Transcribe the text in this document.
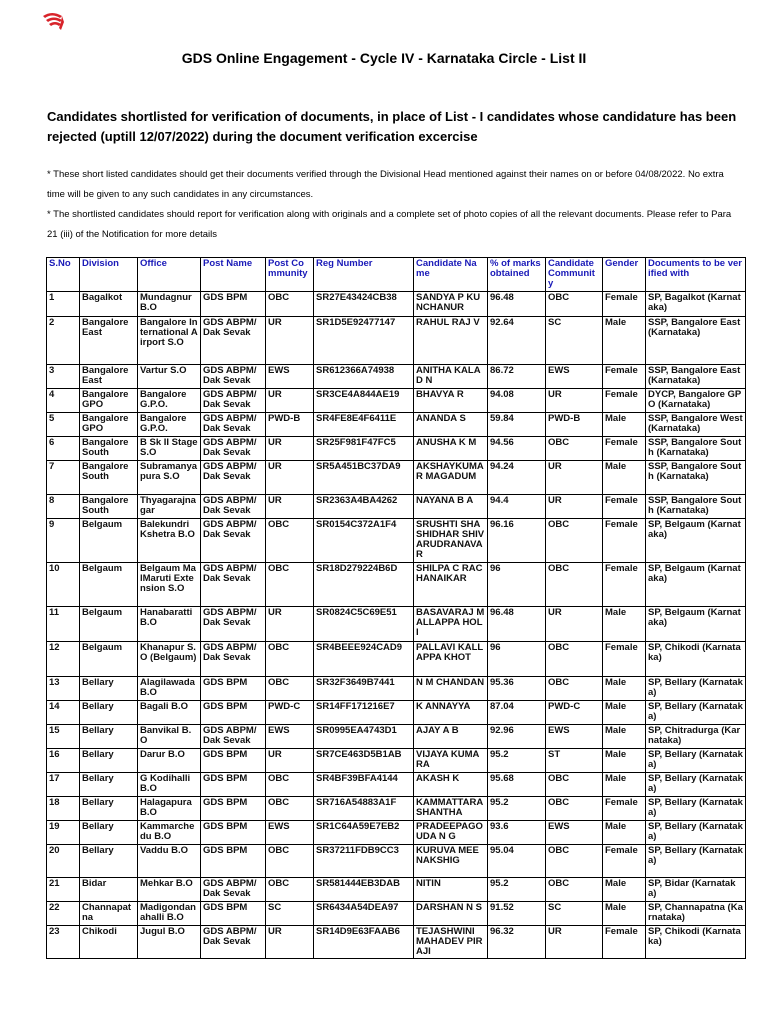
GDS Online Engagement - Cycle IV - Karnataka Circle - List II
Candidates shortlisted for verification of documents, in place of List - I candidates whose candidature has been rejected (uptill 12/07/2022) during the document verification excercise
* These short listed candidates should get their documents verified through the Divisional Head mentioned against their names on or before 04/08/2022. No extra time will be given to any such candidates in any circumstances.
* The shortlisted candidates should report for verification along with originals and a complete set of photo copies of all the relevant documents. Please refer to Para 21 (iii) of the Notification for more details
S.No	Division	Office	Post Name	Post Community	Reg Number	Candidate Name	% of marks obtained	Candidate Community	Gender	Documents to be verified with
1	Bagalkot	Mundagnur B.O	GDS BPM	OBC	SR27E43424CB38	SANDYA P KUNCHANUR	96.48	OBC	Female	SP, Bagalkot (Karnataka)
2	Bangalore East	Bangalore International Airport S.O	GDS ABPM/ Dak Sevak	UR	SR1D5E92477147	RAHUL RAJ V	92.64	SC	Male	SSP, Bangalore East (Karnataka)
3	Bangalore East	Vartur S.O	GDS ABPM/ Dak Sevak	EWS	SR612366A74938	ANITHA KALA D N	86.72	EWS	Female	SSP, Bangalore East (Karnataka)
4	Bangalore GPO	Bangalore G.P.O.	GDS ABPM/ Dak Sevak	UR	SR3CE4A844AE19	BHAVYA R	94.08	UR	Female	DYCP, Bangalore GPO (Karnataka)
5	Bangalore GPO	Bangalore G.P.O.	GDS ABPM/ Dak Sevak	PWD-B	SR4FE8E4F6411E	ANANDA S	59.84	PWD-B	Male	SSP, Bangalore West (Karnataka)
6	Bangalore South	B Sk II Stage S.O	GDS ABPM/ Dak Sevak	UR	SR25F981F47FC5	ANUSHA K M	94.56	OBC	Female	SSP, Bangalore South (Karnataka)
7	Bangalore South	Subramanyapura S.O	GDS ABPM/ Dak Sevak	UR	SR5A451BC37DA9	AKSHAYKUMAR MAGADUM	94.24	UR	Male	SSP, Bangalore South (Karnataka)
8	Bangalore South	Thyagarajnagar	GDS ABPM/ Dak Sevak	UR	SR2363A4BA4262	NAYANA B A	94.4	UR	Female	SSP, Bangalore South (Karnataka)
9	Belgaum	Balekundri Kshetra B.O	GDS ABPM/ Dak Sevak	OBC	SR0154C372A1F4	SRUSHTI SHASHIDHAR SHIVARUDRANAVAR	96.16	OBC	Female	SP, Belgaum (Karnataka)
10	Belgaum	Belgaum MalMaruti Extension S.O	GDS ABPM/ Dak Sevak	OBC	SR18D279224B6D	SHILPA C RACHANAIKAR	96	OBC	Female	SP, Belgaum (Karnataka)
11	Belgaum	Hanabaratti B.O	GDS ABPM/ Dak Sevak	UR	SR0824C5C69E51	BASAVARAJ MALLAPPA HOLI	96.48	UR	Male	SP, Belgaum (Karnataka)
12	Belgaum	Khanapur S.O (Belgaum)	GDS ABPM/ Dak Sevak	OBC	SR4BEEE924CAD9	PALLAVI KALLAPPA KHOT	96	OBC	Female	SP, Chikodi (Karnataka)
13	Bellary	Alagilawada B.O	GDS BPM	OBC	SR32F3649B7441	N M CHANDAN	95.36	OBC	Male	SP, Bellary (Karnataka)
14	Bellary	Bagali B.O	GDS BPM	PWD-C	SR14FF171216E7	K ANNAYYA	87.04	PWD-C	Male	SP, Bellary (Karnataka)
15	Bellary	Banvikal B.O	GDS ABPM/ Dak Sevak	EWS	SR0995EA4743D1	AJAY A B	92.96	EWS	Male	SP, Chitradurga (Karnataka)
16	Bellary	Darur B.O	GDS BPM	UR	SR7CE463D5B1AB	VIJAYA KUMARA	95.2	ST	Male	SP, Bellary (Karnataka)
17	Bellary	G Kodihalli B.O	GDS BPM	OBC	SR4BF39BFA4144	AKASH K	95.68	OBC	Male	SP, Bellary (Karnataka)
18	Bellary	Halagapura B.O	GDS BPM	OBC	SR716A54883A1F	KAMMATTARA SHANTHA	95.2	OBC	Female	SP, Bellary (Karnataka)
19	Bellary	Kammarchedu B.O	GDS BPM	EWS	SR1C64A59E7EB2	PRADEEPAGOUDA N G	93.6	EWS	Male	SP, Bellary (Karnataka)
20	Bellary	Vaddu B.O	GDS BPM	OBC	SR37211FDB9CC3	KURUVA MEENAKSHIG	95.04	OBC	Female	SP, Bellary (Karnataka)
21	Bidar	Mehkar B.O	GDS ABPM/ Dak Sevak	OBC	SR581444EB3DAB	NITIN	95.2	OBC	Male	SP, Bidar (Karnataka)
22	Channapatna	Madigondanahalli B.O	GDS BPM	SC	SR6434A54DEA97	DARSHAN N S	91.52	SC	Male	SP, Channapatna (Karnataka)
23	Chikodi	Jugul B.O	GDS ABPM/ Dak Sevak	UR	SR14D9E63FAAB6	TEJASHWINI MAHADEV PIRAJI	96.32	UR	Female	SP, Chikodi (Karnataka)
